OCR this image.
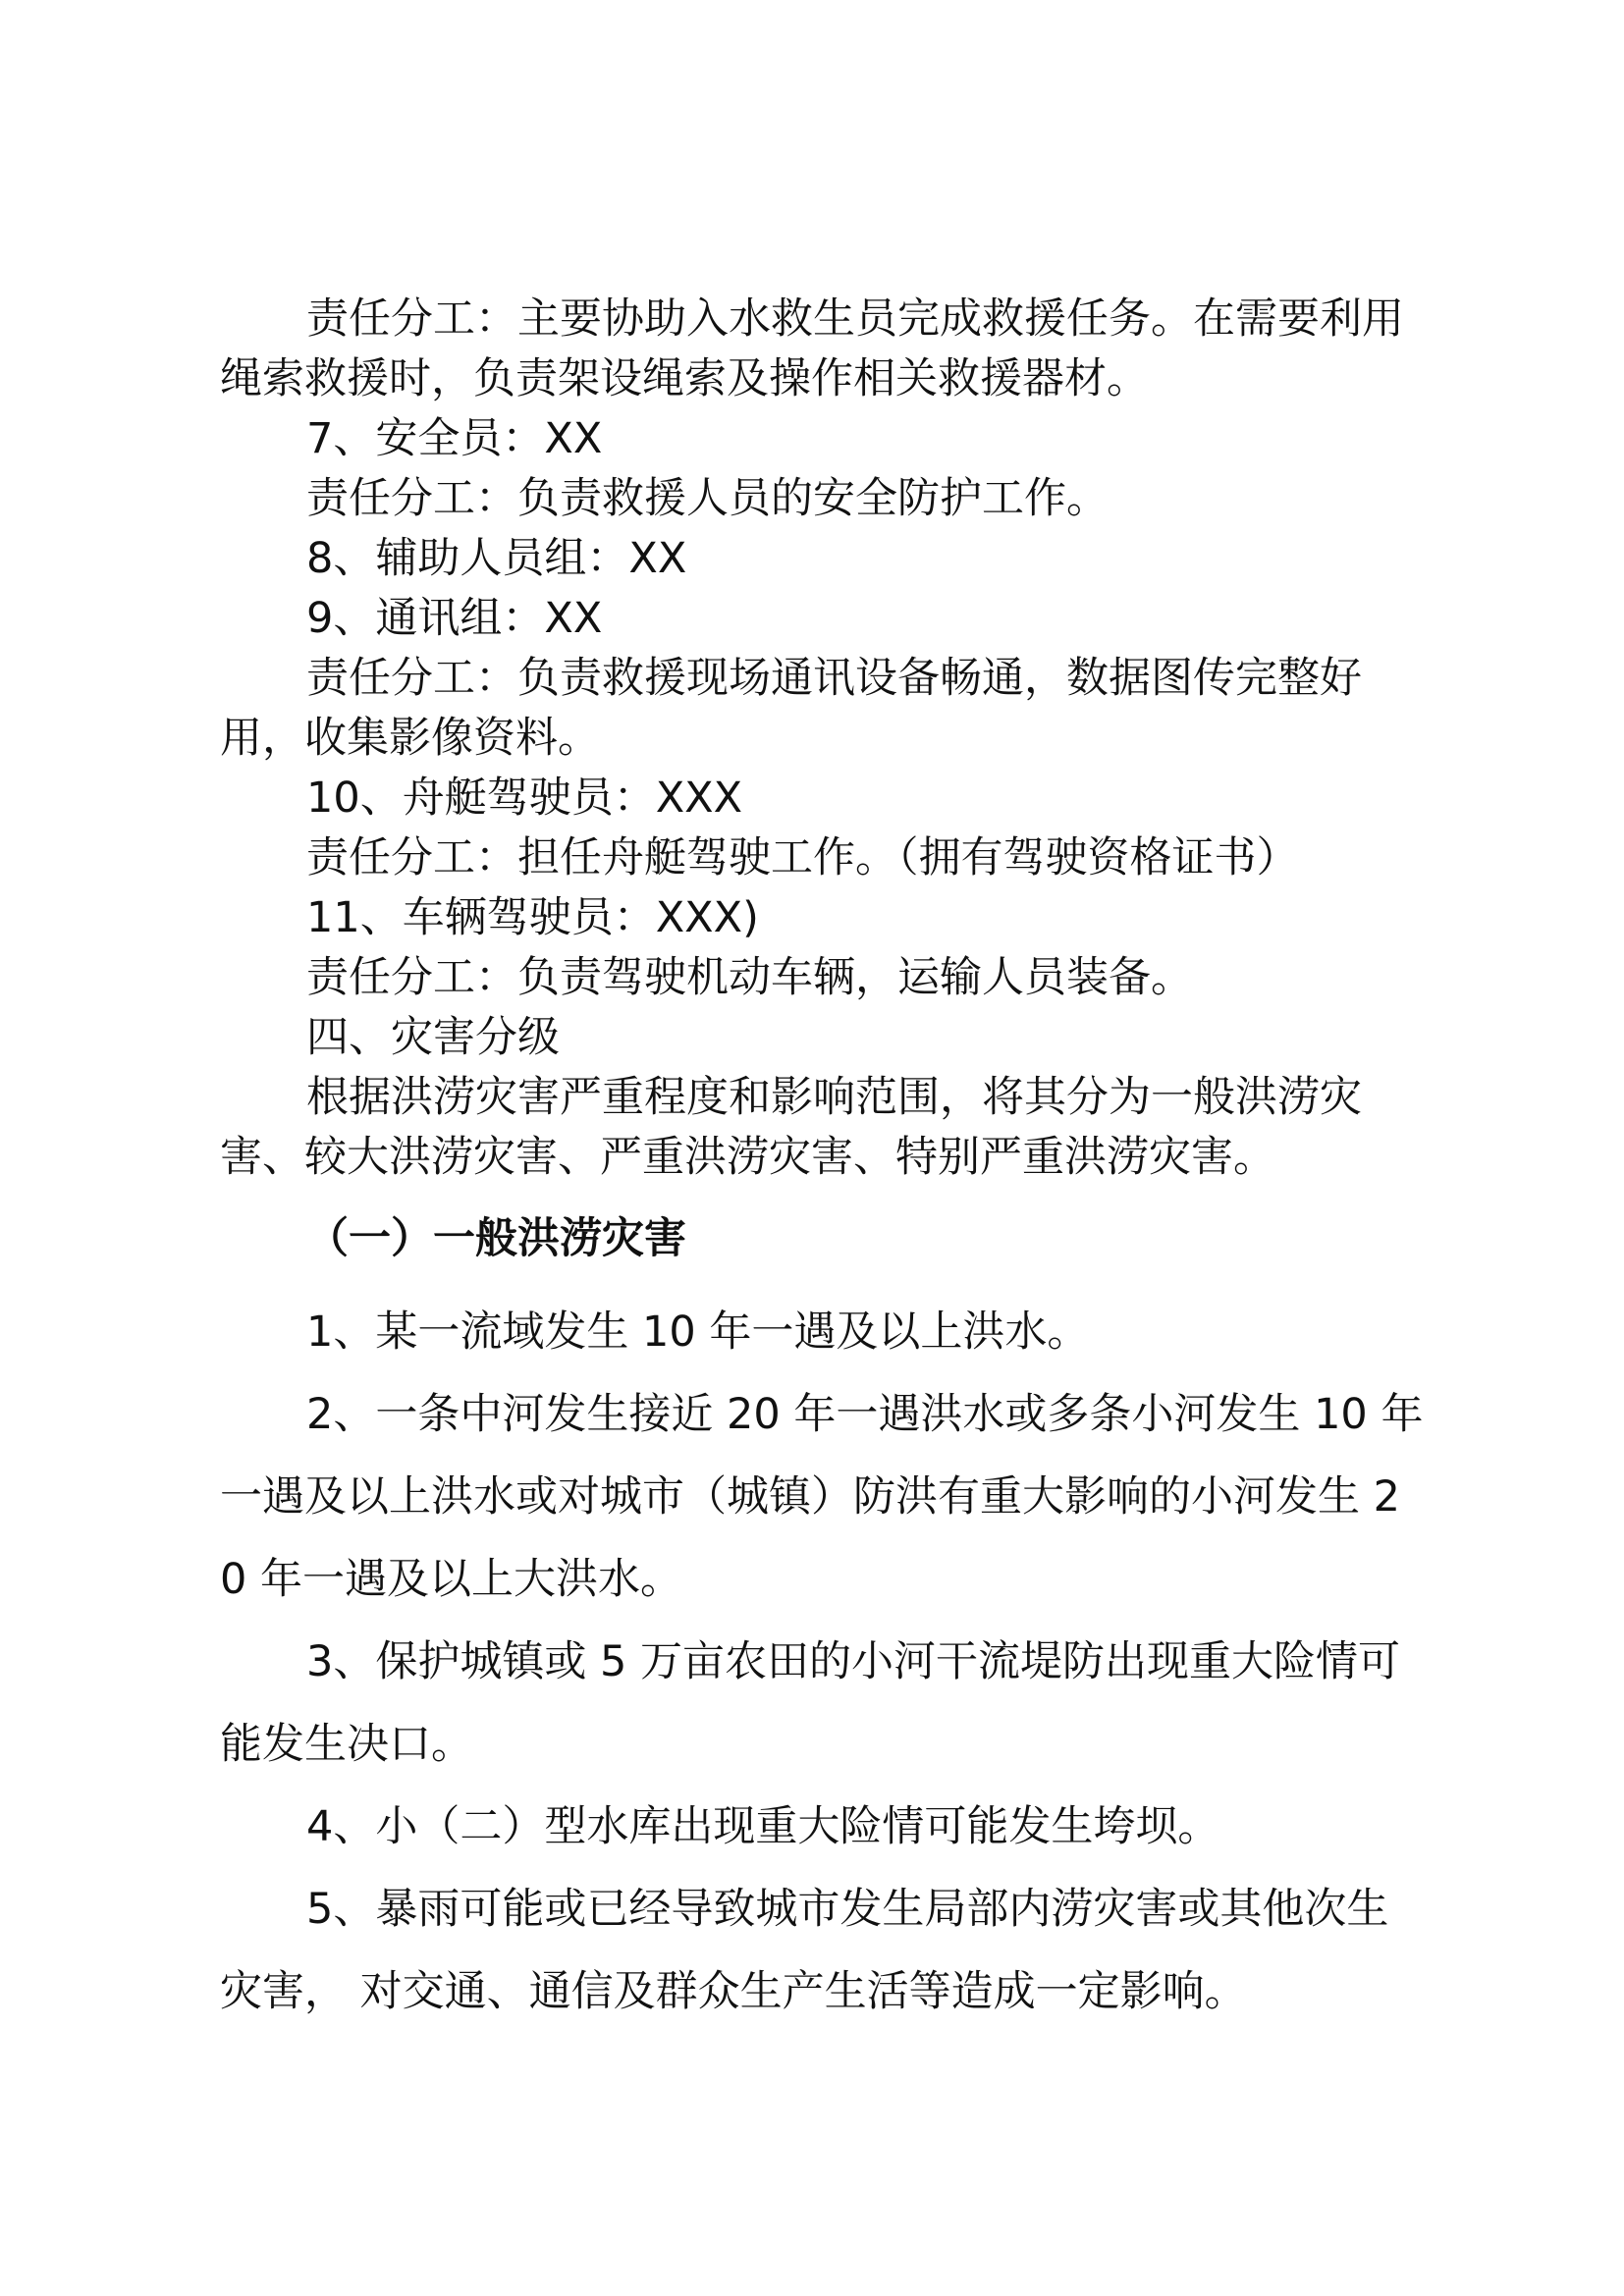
责任分工：主要协助入水救生员完成救援任务。在需要利用绳索救援时，负责架设绳索及操作相关救援器材。

7、安全员：XX

责任分工：负责救援人员的安全防护工作。

8、辅助人员组：XX

9、通讯组：XX

责任分工：负责救援现场通讯设备畅通，数据图传完整好用，收集影像资料。

10、舟艇驾驶员：XXX

责任分工：担任舟艇驾驶工作。（拥有驾驶资格证书）

11、车辆驾驶员：XXX)

责任分工：负责驾驶机动车辆，运输人员装备。

四、灾害分级

根据洪涝灾害严重程度和影响范围，将其分为一般洪涝灾害、较大洪涝灾害、严重洪涝灾害、特别严重洪涝灾害。

（一）一般洪涝灾害

1、某一流域发生 10 年一遇及以上洪水。

2、一条中河发生接近 20 年一遇洪水或多条小河发生 10 年一遇及以上洪水或对城市（城镇）防洪有重大影响的小河发生 20 年一遇及以上大洪水。

3、保护城镇或 5 万亩农田的小河干流堤防出现重大险情可能发生决口。

4、小（二）型水库出现重大险情可能发生垮坝。

5、暴雨可能或已经导致城市发生局部内涝灾害或其他次生灾害， 对交通、通信及群众生产生活等造成一定影响。
